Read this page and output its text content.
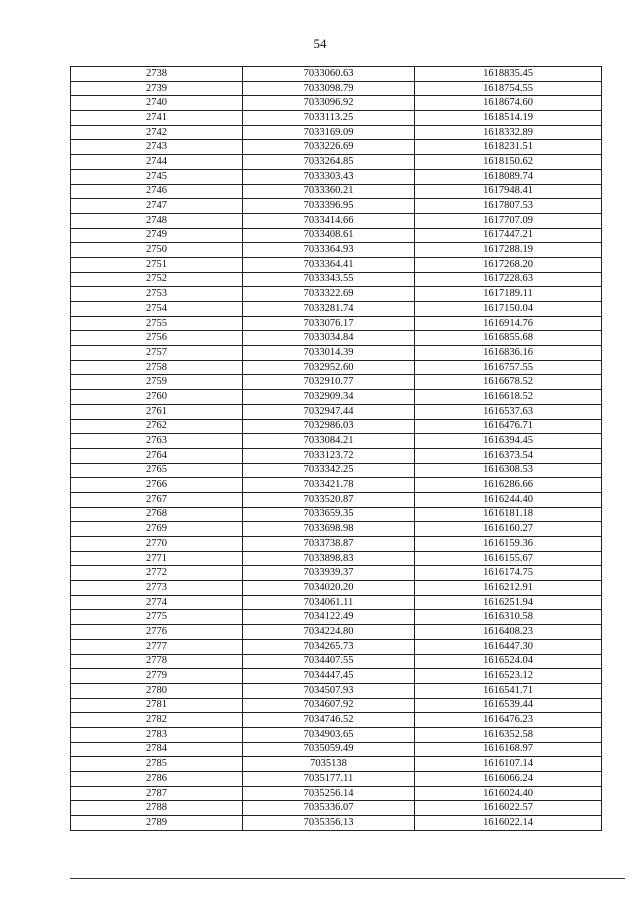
54
2738	7033060.63	1618835.45
2739	7033098.79	1618754.55
2740	7033096.92	1618674.60
2741	7033113.25	1618514.19
2742	7033169.09	1618332.89
2743	7033226.69	1618231.51
2744	7033264.85	1618150.62
2745	7033303.43	1618089.74
2746	7033360.21	1617948.41
2747	7033396.95	1617807.53
2748	7033414.66	1617707.09
2749	7033408.61	1617447.21
2750	7033364.93	1617288.19
2751	7033364.41	1617268.20
2752	7033343.55	1617228.63
2753	7033322.69	1617189.11
2754	7033281.74	1617150.04
2755	7033076.17	1616914.76
2756	7033034.84	1616855.68
2757	7033014.39	1616836.16
2758	7032952.60	1616757.55
2759	7032910.77	1616678.52
2760	7032909.34	1616618.52
2761	7032947.44	1616537.63
2762	7032986.03	1616476.71
2763	7033084.21	1616394.45
2764	7033123.72	1616373.54
2765	7033342.25	1616308.53
2766	7033421.78	1616286.66
2767	7033520.87	1616244.40
2768	7033659.35	1616181.18
2769	7033698.98	1616160.27
2770	7033738.87	1616159.36
2771	7033898.83	1616155.67
2772	7033939.37	1616174.75
2773	7034020.20	1616212.91
2774	7034061.11	1616251.94
2775	7034122.49	1616310.58
2776	7034224.80	1616408.23
2777	7034265.73	1616447.30
2778	7034407.55	1616524.04
2779	7034447.45	1616523.12
2780	7034507.93	1616541.71
2781	7034607.92	1616539.44
2782	7034746.52	1616476.23
2783	7034903.65	1616352.58
2784	7035059.49	1616168.97
2785	7035138	1616107.14
2786	7035177.11	1616066.24
2787	7035256.14	1616024.40
2788	7035336.07	1616022.57
2789	7035356.13	1616022.14
